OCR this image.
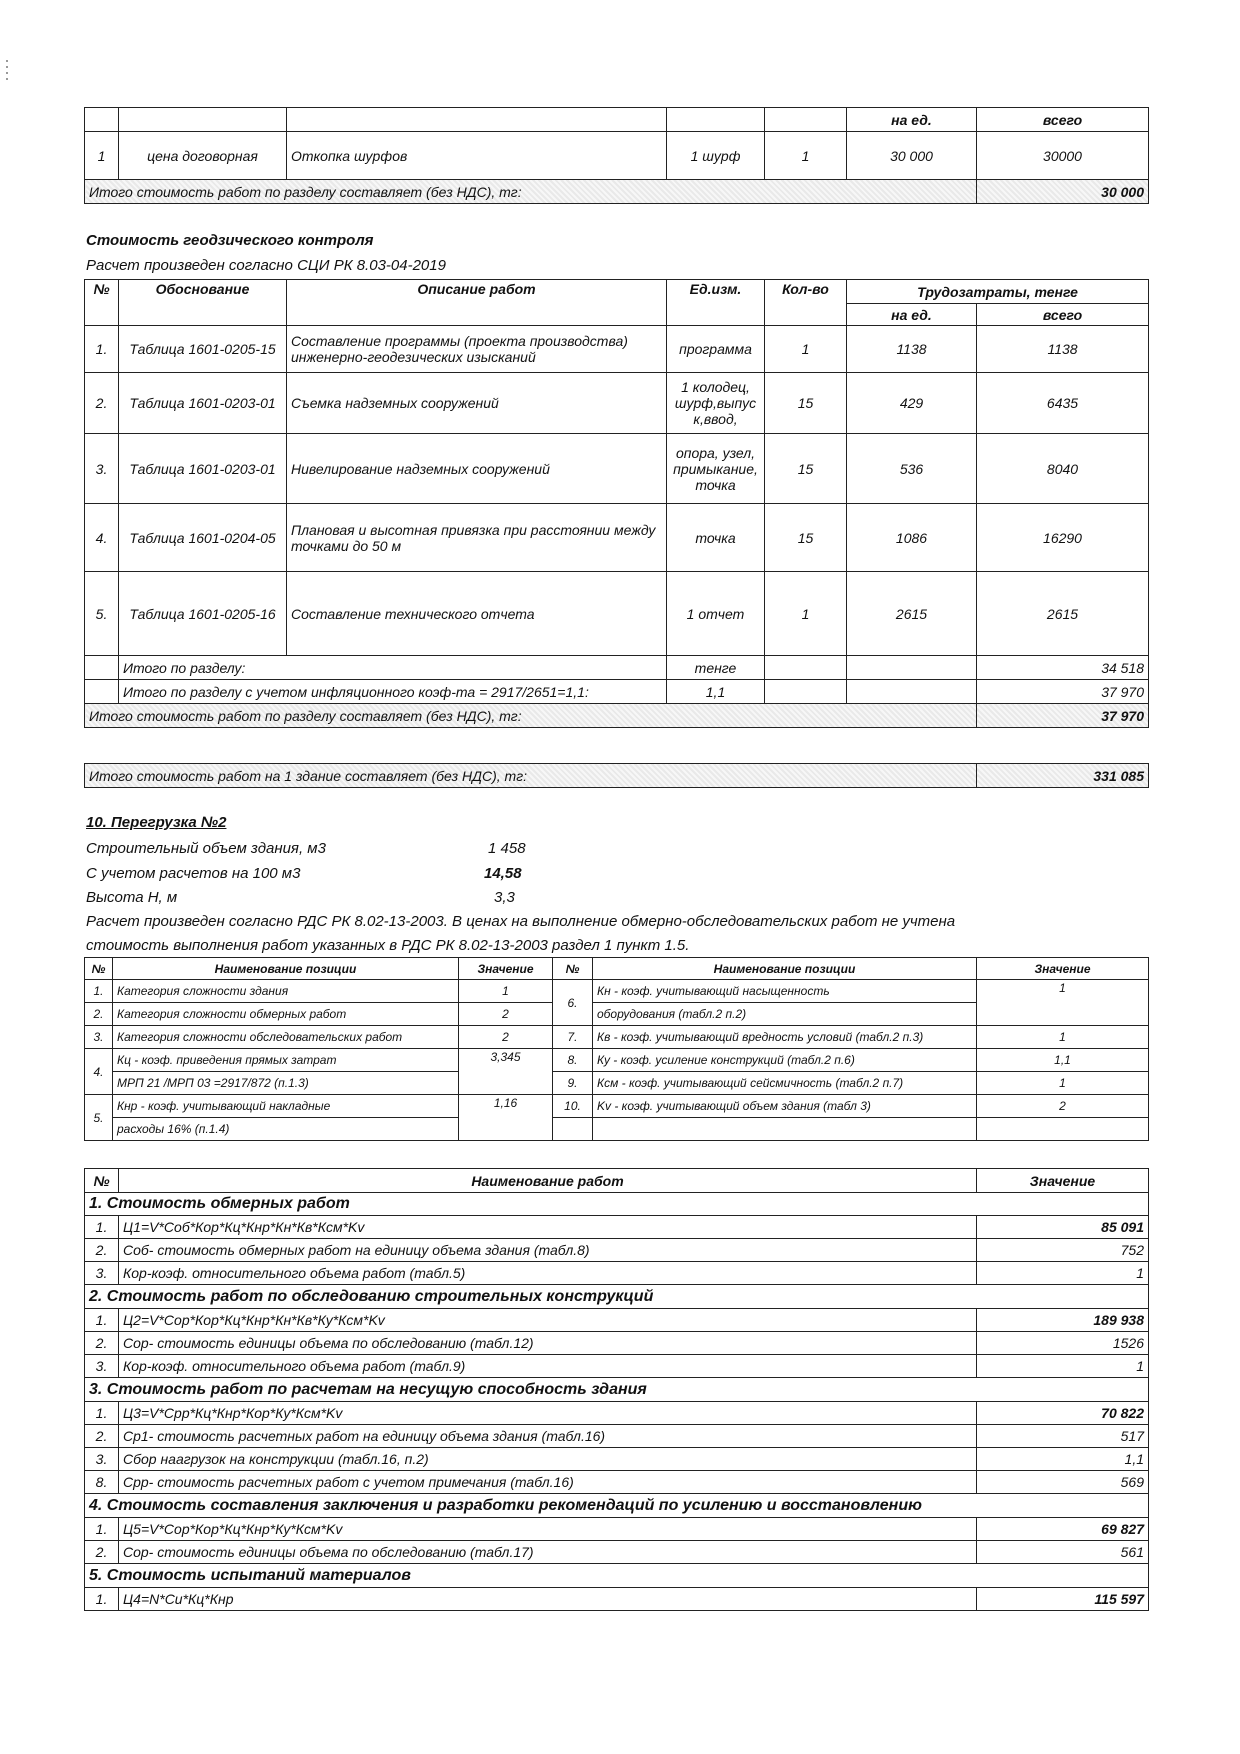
					на ед.	всего
1	цена договорная	Откопка шурфов	1 шурф	1	30 000	30000
Итого стоимость работ по разделу составляет (без НДС), тг:						30 000
Стоимость геодзического контроля
Расчет произведен согласно СЦИ РК 8.03-04-2019
№	Обоснование	Описание работ	Ед.изм.	Кол-во	Трудозатраты, тенге	
					на ед.	всего
1.	Таблица 1601-0205-15	Составление программы (проекта производства) инженерно-геодезических изысканий	программа	1	1138	1138
2.	Таблица 1601-0203-01	Съемка надземных сооружений	1 колодец, шурф,выпус к,ввод,	15	429	6435
3.	Таблица 1601-0203-01	Нивелирование надземных сооружений	опора, узел, примыкание, точка	15	536	8040
4.	Таблица 1601-0204-05	Плановая и высотная привязка при расстоянии между точками до 50 м	точка	15	1086	16290
5.	Таблица 1601-0205-16	Составление технического отчета	1 отчет	1	2615	2615
	Итого по разделу:		тенге			34 518
	Итого по разделу с учетом инфляционного коэф-та = 2917/2651=1,1:		1,1			37 970
Итого стоимость работ по разделу составляет (без НДС), тг:						37 970
Итого стоимость работ на 1 здание составляет (без НДС), тг:	331 085
10. Перегрузка №2
Строительный объем здания, м3	1 458
С учетом расчетов на 100 м3	14,58
Высота Н, м	3,3
Расчет произведен согласно РДС РК 8.02-13-2003. В ценах на выполнение обмерно-обследовательских работ не учтена
стоимость выполнения работ указанных в РДС РК 8.02-13-2003 раздел 1 пункт 1.5.
№	Наименование позиции	Значение	№	Наименование позиции	Значение
1.	Категория сложности здания	1	6.	Кн - коэф. учитывающий насыщенность	1
2.	Категория сложности обмерных работ	2		оборудования (табл.2 п.2)	
3.	Категория сложности обследовательских работ	2	7.	Кв - коэф. учитывающий вредность условий (табл.2 п.3)	1
4.	Кц - коэф. приведения прямых затрат	3,345	8.	Ку - коэф. усиление конструкций (табл.2 п.6)	1,1
	МРП 21 /МРП 03 =2917/872 (п.1.3)		9.	Ксм - коэф. учитывающий сейсмичность (табл.2 п.7)	1
5.	Кнр - коэф. учитывающий накладные	1,16	10.	Kv - коэф. учитывающий объем здания (табл 3)	2
	расходы 16% (п.1.4)				
№	Наименование работ	Значение
1. Стоимость обмерных работ		
1.	Ц1=V*Соб*Кор*Кц*Кнр*Кн*Кв*Ксм*Kv	85 091
2.	Соб- стоимость обмерных работ на единицу объема здания (табл.8)	752
3.	Кор-коэф. относительного объема работ (табл.5)	1
2. Стоимость работ по обследованию строительных конструкций		
1.	Ц2=V*Сор*Кор*Кц*Кнр*Кн*Кв*Ку*Ксм*Kv	189 938
2.	Сор- стоимость единицы объема по обследованию (табл.12)	1526
3.	Кор-коэф. относительного объема работ (табл.9)	1
3. Стоимость работ по расчетам на несущую способность здания		
1.	Ц3=V*Срр*Кц*Кнр*Кор*Ку*Ксм*Kv	70 822
2.	Ср1- стоимость расчетных работ на единицу объема здания (табл.16)	517
3.	Сбор наагрузок на конструкции (табл.16, п.2)	1,1
8.	Срр- стоимость расчетных работ с учетом примечания (табл.16)	569
4. Стоимость составления заключения и разработки рекомендаций по усилению и восстановлению		
1.	Ц5=V*Сор*Кор*Кц*Кнр*Ку*Ксм*Kv	69 827
2.	Сор- стоимость единицы объема по обследованию (табл.17)	561
5. Стоимость испытаний материалов		
1.	Ц4=N*Си*Кц*Кнр	115 597
